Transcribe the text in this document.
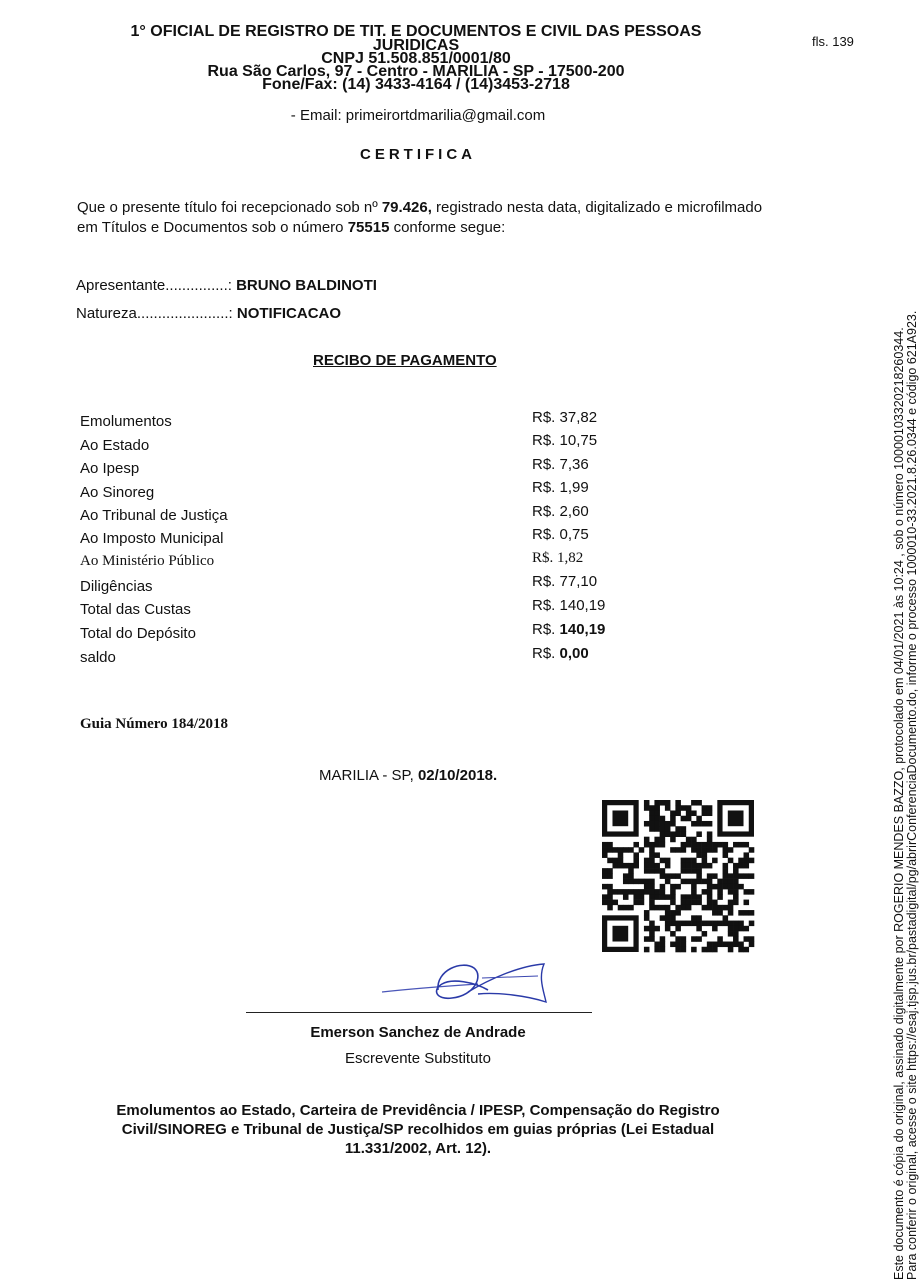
1° OFICIAL DE REGISTRO DE TIT. E DOCUMENTOS E CIVIL DAS PESSOAS
JURIDICAS
CNPJ 51.508.851/0001/80
Rua São Carlos, 97 - Centro - MARILIA - SP - 17500-200
Fone/Fax: (14) 3433-4164 / (14)3453-2718
fls. 139
- Email: primeirortdmarilia@gmail.com
CERTIFICA
Que o presente título foi recepcionado sob nº 79.426, registrado nesta data, digitalizado e microfilmado em Títulos e Documentos sob o número 75515 conforme segue:
Apresentante...............: BRUNO BALDINOTI
Natureza......................: NOTIFICACAO
RECIBO DE PAGAMENTO
Emolumentos	R$. 37,82
Ao Estado	R$. 10,75
Ao Ipesp	R$. 7,36
Ao Sinoreg	R$. 1,99
Ao Tribunal de Justiça	R$. 2,60
Ao Imposto Municipal	R$. 0,75
Ao Ministério Público	R$. 1,82
Diligências	R$. 77,10
Total das Custas	R$. 140,19
Total do Depósito	R$. 140,19
saldo	R$. 0,00
Guia Número 184/2018
MARILIA - SP, 02/10/2018.
Emerson Sanchez de Andrade
Escrevente Substituto
Emolumentos ao Estado, Carteira de Previdência / IPESP, Compensação do Registro Civil/SINOREG e Tribunal de Justiça/SP recolhidos em guias próprias (Lei Estadual 11.331/2002, Art. 12).	Este documento é cópia do original, assinado digitalmente por ROGERIO MENDES BAZZO, protocolado em 04/01/2021 às 10:24 , sob o número 10000103320218260344. Para conferir o original, acesse o site https://esaj.tjsp.jus.br/pastadigital/pg/abrirConferenciaDocumento.do, informe o processo 1000010-33.2021.8.26.0344 e código 621A923.
